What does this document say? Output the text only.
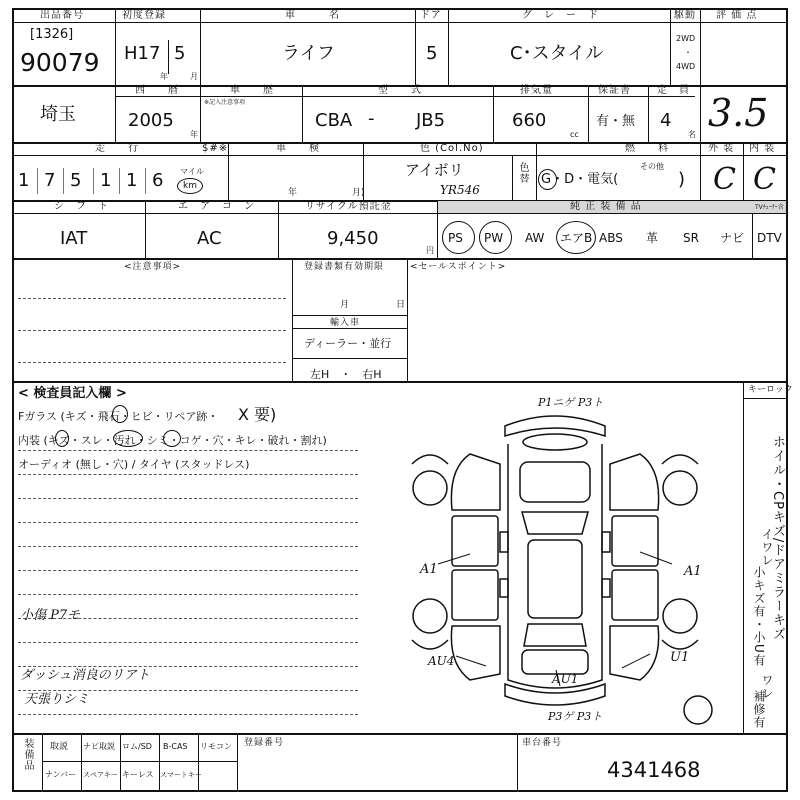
出品番号
[1326]
90079
初度登録
H17 5
年	月
車　　　名
ライフ
ドア
5
グ　レ　ー　ド
C･スタイル
駆動
2WD
・
4WD
評 価 点
3.5
埼玉
西　　暦
2005
年
車　　歴
※記入注意事項
型　　式
CBA - JB5
排気量
660
cc
保証書
有・無
定　員
4
名
走　　行
1 7 5 1 1 6 マイル
km
$#※	車　　検
年	月)
色 (Col.No)
アイボリ
YR546
色替
燃　　料
G・D・電気(
その他
)
外 装 内 装
C C
シ　フ　ト
IAT
エ　ア　コ　ン
AC
リサイクル預託金
9,450
円
純 正 装 備 品	TVﾁｭｰﾅｰ含
PS PW AW エアB ABS 革 SR ナビ DTV
<注意事項>	登録書類有効期限
月	日
輸入車
ディーラー・並行
左H　・　右H
<セールスポイント>
< 検査員記入欄 >
Fガラス (キズ・飛石・ヒビ・リペア跡・ X 要)
内装 (キズ・スレ・汚れ・シミ・コゲ・穴・キレ・破れ・割れ)
オーディオ (無し・穴) / タイヤ (スタッドレス)
小傷 P7モ
ダッシュ消良のリアト
天張りシミ
キーロック
ホイル・CPキズ/ドアミラーキズ
イワレ
小キズ有・小U有
ワレ
補修有
P1ニゲ P3ト
P3ゲ P3ト
A1	A1
AU4
AU1
U1
装備品 取説 ナビ取説 ロム/SD B-CAS リモコン
ナンバー スペアキー キーレス スマートキー
登録番号	車台番号
4341468
